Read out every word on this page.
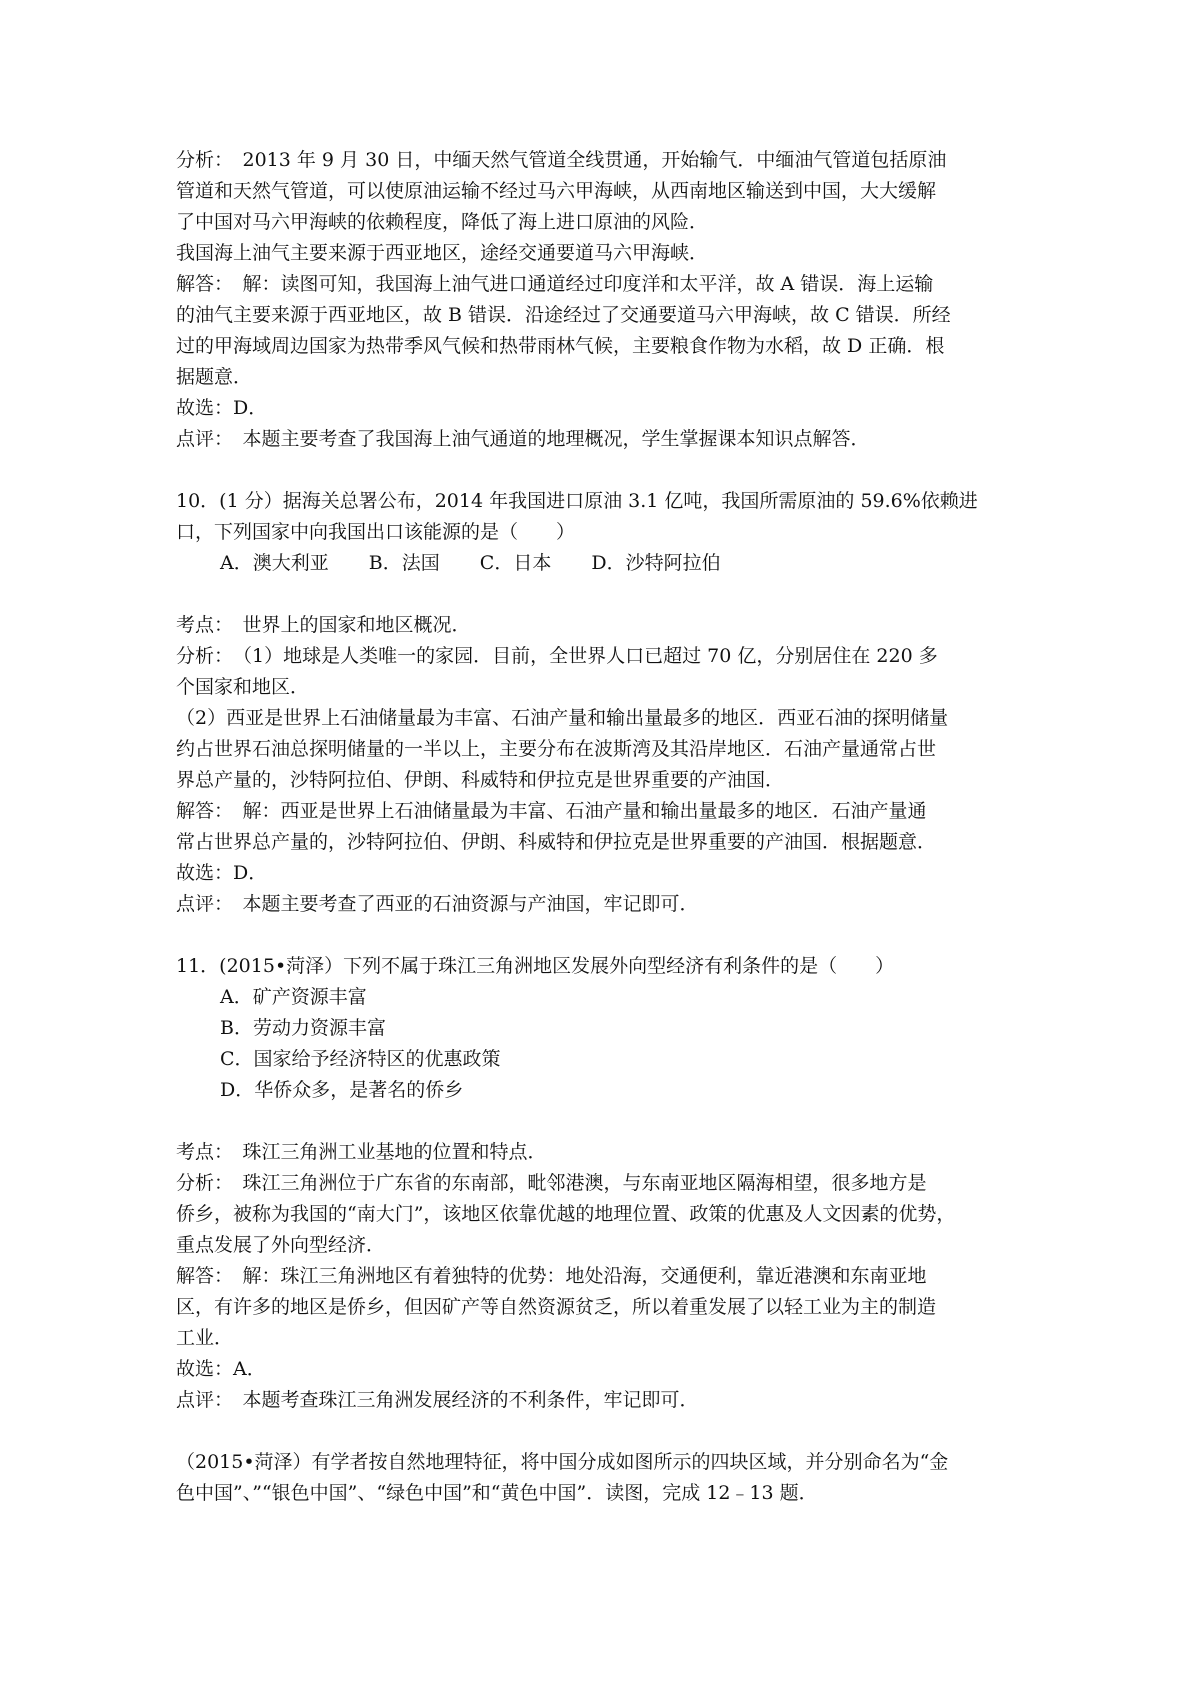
分析：　2013 年 9 月 30 日，中缅天然气管道全线贯通，开始输气．中缅油气管道包括原油
管道和天然气管道，可以使原油运输不经过马六甲海峡，从西南地区输送到中国，大大缓解
了中国对马六甲海峡的依赖程度，降低了海上进口原油的风险．
我国海上油气主要来源于西亚地区，途经交通要道马六甲海峡．
解答：　解：读图可知，我国海上油气进口通道经过印度洋和太平洋，故 A 错误．海上运输
的油气主要来源于西亚地区，故 B 错误．沿途经过了交通要道马六甲海峡，故 C 错误．所经
过的甲海域周边国家为热带季风气候和热带雨林气候，主要粮食作物为水稻，故 D 正确．根
据题意．
故选：D．
点评：　本题主要考查了我国海上油气通道的地理概况，学生掌握课本知识点解答．
10．(1 分）据海关总署公布，2014 年我国进口原油 3.1 亿吨，我国所需原油的 59.6%依赖进
口，下列国家中向我国出口该能源的是（　　）
A．澳大利亚 B．法国 C．日本 D．沙特阿拉伯
考点：　世界上的国家和地区概况．
分析：　（1）地球是人类唯一的家园．目前，全世界人口已超过 70 亿，分别居住在 220 多
个国家和地区．
（2）西亚是世界上石油储量最为丰富、石油产量和输出量最多的地区．西亚石油的探明储量
约占世界石油总探明储量的一半以上，主要分布在波斯湾及其沿岸地区．石油产量通常占世
界总产量的，沙特阿拉伯、伊朗、科威特和伊拉克是世界重要的产油国．
解答：　解：西亚是世界上石油储量最为丰富、石油产量和输出量最多的地区．石油产量通
常占世界总产量的，沙特阿拉伯、伊朗、科威特和伊拉克是世界重要的产油国．根据题意．
故选：D．
点评：　本题主要考查了西亚的石油资源与产油国，牢记即可．
11．(2015•菏泽）下列不属于珠江三角洲地区发展外向型经济有利条件的是（　　）
A．矿产资源丰富
B．劳动力资源丰富
C．国家给予经济特区的优惠政策
D．华侨众多，是著名的侨乡
考点：　珠江三角洲工业基地的位置和特点．
分析：　珠江三角洲位于广东省的东南部，毗邻港澳，与东南亚地区隔海相望，很多地方是
侨乡，被称为我国的“南大门”，该地区依靠优越的地理位置、政策的优惠及人文因素的优势，
重点发展了外向型经济．
解答：　解：珠江三角洲地区有着独特的优势：地处沿海，交通便利，靠近港澳和东南亚地
区，有许多的地区是侨乡，但因矿产等自然资源贫乏，所以着重发展了以轻工业为主的制造
工业．
故选：A．
点评：　本题考查珠江三角洲发展经济的不利条件，牢记即可．
（2015•菏泽）有学者按自然地理特征，将中国分成如图所示的四块区域，并分别命名为“金
色中国”、”“银色中国”、“绿色中国”和“黄色中国”．读图，完成 12﹣13 题．
